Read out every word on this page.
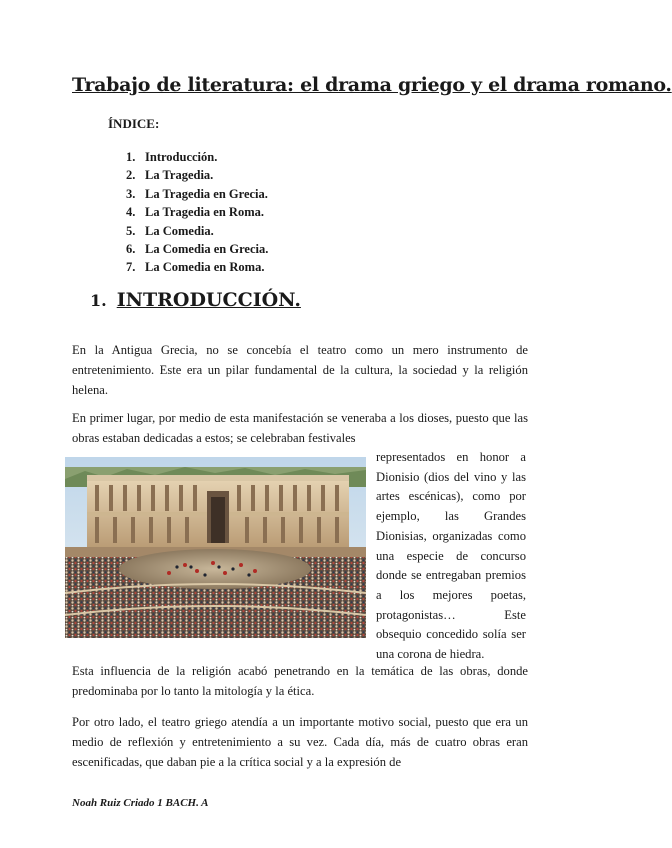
Trabajo de literatura: el drama griego y el drama romano.
ÍNDICE:
1. Introducción.
2. La Tragedia.
3. La Tragedia en Grecia.
4. La Tragedia en Roma.
5. La Comedia.
6. La Comedia en Grecia.
7. La Comedia en Roma.
1. INTRODUCCIÓN.

En la Antigua Grecia, no se concebía el teatro como un mero instrumento de entretenimiento. Este era un pilar fundamental de la cultura, la sociedad y la religión helena.

En primer lugar, por medio de esta manifestación se veneraba a los dioses, puesto que las obras estaban dedicadas a estos; se celebraban festivales

representados en honor a Dionisio (dios del vino y las artes escénicas), como por ejemplo, las Grandes Dionisias, organizadas como una especie de concurso donde se entregaban premios a los mejores poetas, protagonistas… Este obsequio concedido solía ser una corona de hiedra.

Esta influencia de la religión acabó penetrando en la temática de las obras, donde predominaba por lo tanto la mitología y la ética.

Por otro lado, el teatro griego atendía a un importante motivo social, puesto que era un medio de reflexión y entretenimiento a su vez. Cada día, más de cuatro obras eran escenificadas, que daban pie a la crítica social y a la expresión de

Noah Ruiz Criado 1 BACH. A
